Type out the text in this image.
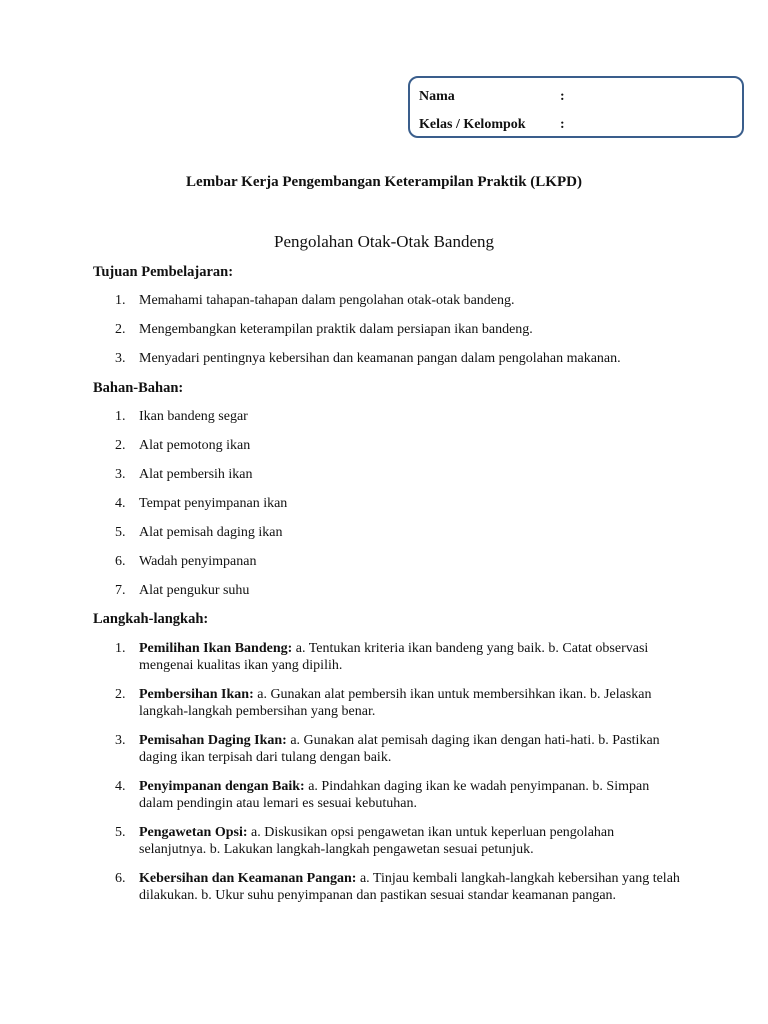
Nama	:
Kelas / Kelompok :
Lembar Kerja Pengembangan Keterampilan Praktik (LKPD)
Pengolahan Otak-Otak Bandeng
Tujuan Pembelajaran:
1. Memahami tahapan-tahapan dalam pengolahan otak-otak bandeng.
2. Mengembangkan keterampilan praktik dalam persiapan ikan bandeng.
3. Menyadari pentingnya kebersihan dan keamanan pangan dalam pengolahan makanan.
Bahan-Bahan:
1. Ikan bandeng segar
2. Alat pemotong ikan
3. Alat pembersih ikan
4. Tempat penyimpanan ikan
5. Alat pemisah daging ikan
6. Wadah penyimpanan
7. Alat pengukur suhu
Langkah-langkah:
1. Pemilihan Ikan Bandeng: a. Tentukan kriteria ikan bandeng yang baik. b. Catat observasi mengenai kualitas ikan yang dipilih.
2. Pembersihan Ikan: a. Gunakan alat pembersih ikan untuk membersihkan ikan. b. Jelaskan langkah-langkah pembersihan yang benar.
3. Pemisahan Daging Ikan: a. Gunakan alat pemisah daging ikan dengan hati-hati. b. Pastikan daging ikan terpisah dari tulang dengan baik.
4. Penyimpanan dengan Baik: a. Pindahkan daging ikan ke wadah penyimpanan. b. Simpan dalam pendingin atau lemari es sesuai kebutuhan.
5. Pengawetan Opsi: a. Diskusikan opsi pengawetan ikan untuk keperluan pengolahan selanjutnya. b. Lakukan langkah-langkah pengawetan sesuai petunjuk.
6. Kebersihan dan Keamanan Pangan: a. Tinjau kembali langkah-langkah kebersihan yang telah dilakukan. b. Ukur suhu penyimpanan dan pastikan sesuai standar keamanan pangan.
